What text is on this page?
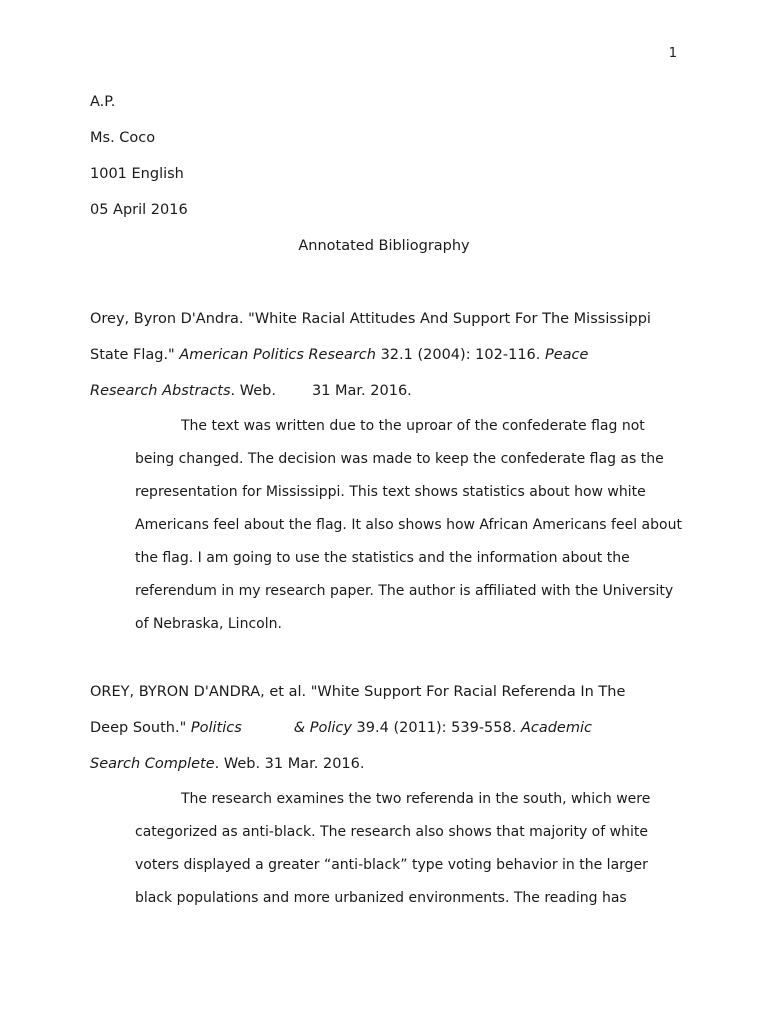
1
A.P.
Ms. Coco
1001 English
05 April 2016
Annotated Bibliography
Orey, Byron D'Andra. "White Racial Attitudes And Support For The Mississippi
State Flag." American Politics Research 32.1 (2004): 102-116. Peace
Research Abstracts. Web. 31 Mar. 2016.
The text was written due to the uproar of the confederate flag not
being changed. The decision was made to keep the confederate flag as the
representation for Mississippi. This text shows statistics about how white
Americans feel about the flag. It also shows how African Americans feel about
the flag. I am going to use the statistics and the information about the
referendum in my research paper. The author is affiliated with the University
of Nebraska, Lincoln.
OREY, BYRON D'ANDRA, et al. "White Support For Racial Referenda In The
Deep South." Politics	& Policy 39.4 (2011): 539-558. Academic
Search Complete. Web. 31 Mar. 2016.
The research examines the two referenda in the south, which were
categorized as anti-black. The research also shows that majority of white
voters displayed a greater “anti-black” type voting behavior in the larger
black populations and more urbanized environments. The reading has
